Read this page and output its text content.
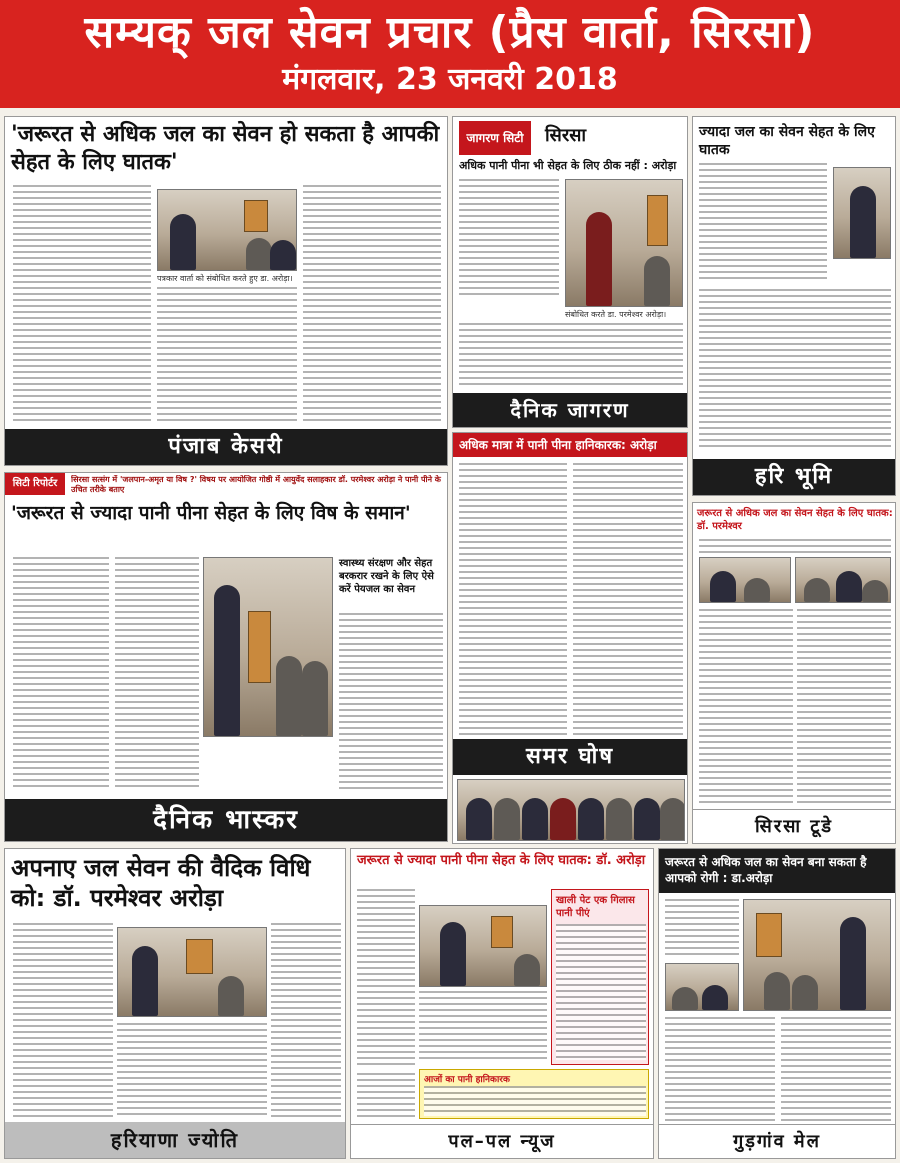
सम्यक् जल सेवन प्रचार (प्रैस वार्ता, सिरसा)
मंगलवार, 23 जनवरी 2018
'जरूरत से अधिक जल का सेवन हो सकता है आपकी सेहत के लिए घातक'
पत्रकार वार्ता को संबोधित करते हुए डा. अरोड़ा।
पंजाब केसरी
जागरण सिटी	सिरसा
अधिक पानी पीना भी सेहत के लिए ठीक नहीं : अरोड़ा
संबोधित करते डा. परमेश्वर अरोड़ा।
दैनिक जागरण
ज्यादा जल का सेवन सेहत के लिए घातक
हरि भूमि
सिटी रिपोर्टर	सिरसा सत्संग में 'जलपान-अमृत या विष ?' विषय पर आयोजित गोष्ठी में आयुर्वेद सलाहकार डॉ. परमेश्वर अरोड़ा ने पानी पीने के उचित तरीके बताए
'जरूरत से ज्यादा पानी पीना सेहत के लिए विष के समान'
स्वास्थ्य संरक्षण और सेहत बरकरार रखने के लिए ऐसे करें पेयजल का सेवन
दैनिक भास्कर
अधिक मात्रा में पानी पीना हानिकारक: अरोड़ा
समर घोष
जरूरत से अधिक जल का सेवन सेहत के लिए घातक: डॉ. परमेश्वर
सिरसा टूडे
अपनाए जल सेवन की वैदिक विधि को: डॉ. परमेश्वर अरोड़ा
हरियाणा ज्योति
जरूरत से ज्यादा पानी पीना सेहत के लिए घातक: डॉ. अरोड़ा
खाली पेट एक गिलास पानी पीएं
आजों का पानी हानिकारक
पल–पल न्यूज
जरूरत से अधिक जल का सेवन बना सकता है आपको रोगी : डा.अरोड़ा
गुड़गांव मेल
